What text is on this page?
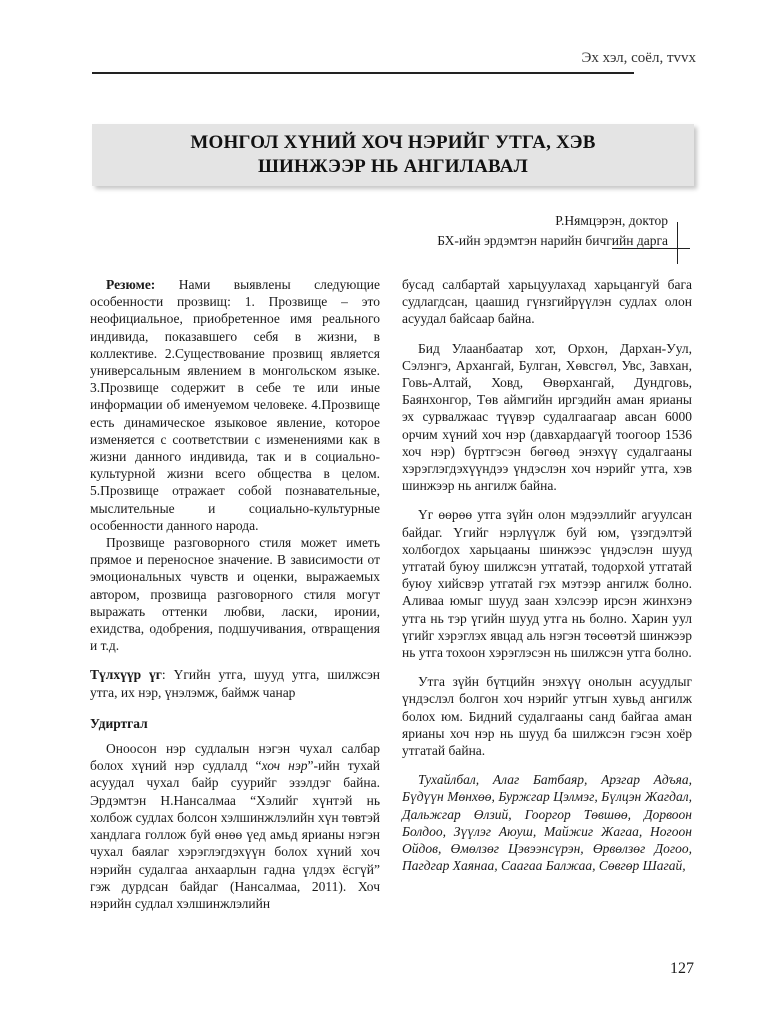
Эх хэл, соёл, тvvх
МОНГОЛ ХҮНИЙ ХОЧ НЭРИЙГ УТГА, ХЭВ
ШИНЖЭЭР НЬ АНГИЛАВАЛ
Р.Нямцэрэн, доктор
БХ-ийн эрдэмтэн нарийн бичгийн дарга

Резюме: Нами выявлены следующие особенности прозвищ: 1. Прозвище – это неофициальное, приобретенное имя реального индивида, показавшего себя в жизни, в коллективе. 2.Существование прозвищ является универсальным явлением в монгольском языке. 3.Прозвище содержит в себе те или иные информации об именуемом человеке. 4.Прозвище есть динамическое языковое явление, которое изменяется с соответствии с изменениями как в жизни данного индивида, так и в социально-культурной жизни всего общества в целом. 5.Прозвище отражает собой познавательные, мыслительные и социально-культурные особенности данного народа.

Прозвище разговорного стиля может иметь прямое и переносное значение. В зависимости от эмоциональных чувств и оценки, выражаемых автором, прозвища разговорного стиля могут выражать оттенки любви, ласки, иронии, ехидства, одобрения, подшучивания, отвращения и т.д.

Түлхүүр үг: Үгийн утга, шууд утга, шилжсэн утга, их нэр, үнэлэмж, баймж чанар

Удиртгал

Оноосон нэр судлалын нэгэн чухал салбар болох хүний нэр судлалд “хоч нэр”-ийн тухай асуудал чухал байр суурийг эзэлдэг байна. Эрдэмтэн Н.Нансалмаа “Хэлийг хүнтэй нь холбож судлах болсон хэлшинжлэлийн хүн төвтэй хандлага голлож буй өнөө үед амьд ярианы нэгэн чухал баялаг хэрэглэгдэхүүн болох хүний хоч нэрийн судалгаа анхаарлын гадна үлдэх ёсгүй” гэж дурдсан байдаг (Нансалмаа, 2011). Хоч нэрийн судлал хэлшинжлэлийн

бусад салбартай харьцуулахад харьцангуй бага судлагдсан, цаашид гүнзгийрүүлэн судлах олон асуудал байсаар байна.

Бид Улаанбаатар хот, Орхон, Дархан-Уул, Сэлэнгэ, Архангай, Булган, Хөвсгөл, Увс, Завхан, Говь-Алтай, Ховд, Өвөрхангай, Дундговь, Баянхонгор, Төв аймгийн иргэдийн аман ярианы эх сурвалжаас түүвэр судалгаагаар авсан 6000 орчим хүний хоч нэр (давхардаагүй тоогоор 1536 хоч нэр) бүртгэсэн бөгөөд энэхүү судалгааны хэрэглэгдэхүүндээ үндэслэн хоч нэрийг утга, хэв шинжээр нь ангилж байна.

Үг өөрөө утга зүйн олон мэдээллийг агуулсан байдаг. Үгийг нэрлүүлж буй юм, үзэгдэлтэй холбогдох харьцааны шинжээс үндэслэн шууд утгатай буюу шилжсэн утгатай, тодорхой утгатай буюу хийсвэр утгатай гэх мэтээр ангилж болно. Аливаа юмыг шууд заан хэлсээр ирсэн жинхэнэ утга нь тэр үгийн шууд утга нь болно. Харин уул үгийг хэрэглэх явцад аль нэгэн төсөөтэй шинжээр нь утга тохоон хэрэглэсэн нь шилжсэн утга болно.

Утга зүйн бүтцийн энэхүү онолын асуудлыг үндэслэл болгон хоч нэрийг утгын хувьд ангилж болох юм. Бидний судалгааны санд байгаа аман ярианы хоч нэр нь шууд ба шилжсэн гэсэн хоёр утгатай байна.

Тухайлбал, Алаг Батбаяр, Арзгар Адъяа, Бүдүүн Мөнхөө, Буржгар Цэлмэг, Бүлцэн Жагдал, Дальжгар Өлзий, Гооргор Төвшөө, Дорвоон Болдоо, Зүүлэг Аюуш, Майжиг Жагаа, Ногоон Ойдов, Өмөлзөг Цэвээнсүрэн, Өрвөлзөг Догоо, Пагдгар Хаянаа, Саагаа Балжаа, Сөвгөр Шагай,

127
